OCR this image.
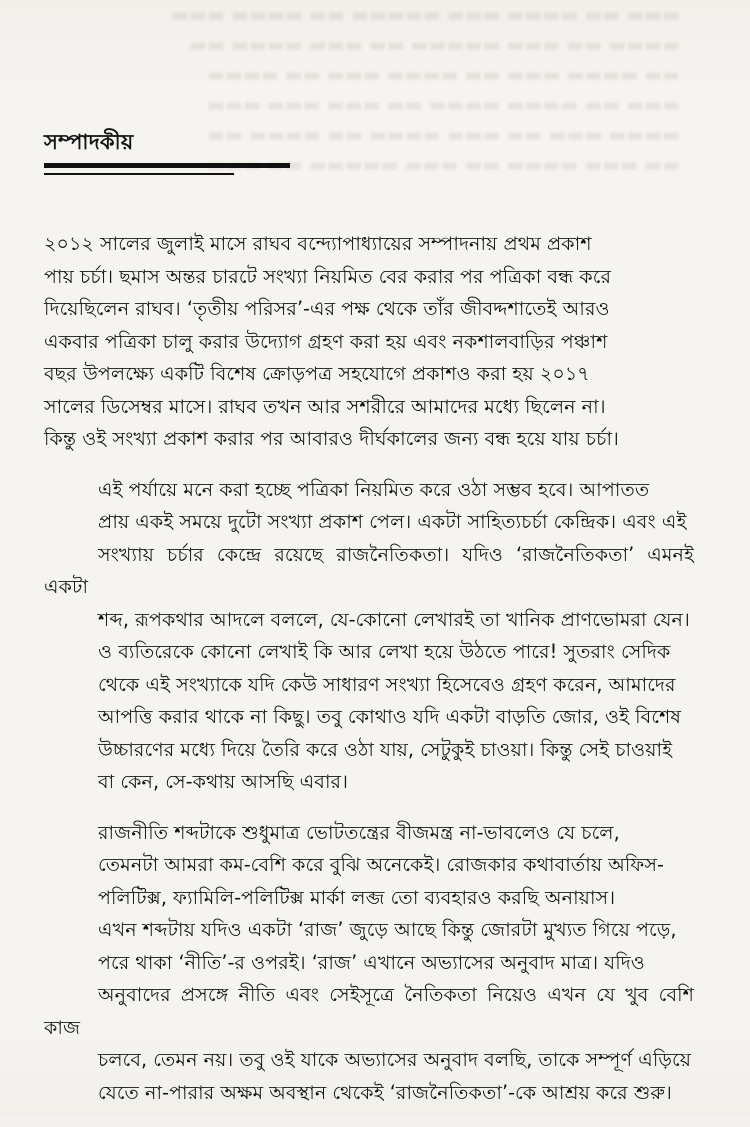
▬▬▬ ▬▬ ▬▬▬▬ ▬▬▬ ▬▬▬▬▬ ▬▬ ▬▬▬▬ ▬▬▬
▬▬▬▬ ▬▬ ▬▬▬ ▬▬▬▬▬ ▬▬ ▬▬▬ ▬▬▬▬ ▬▬
▬▬ ▬▬▬▬ ▬▬▬ ▬▬ ▬▬▬▬ ▬▬▬ ▬▬ ▬▬▬▬
▬▬▬ ▬▬ ▬▬▬▬ ▬▬▬▬ ▬▬ ▬▬▬ ▬▬▬ ▬▬▬
▬▬▬▬ ▬▬▬ ▬▬ ▬▬▬ ▬▬▬▬ ▬▬ ▬▬▬▬ ▬▬
▬▬ ▬▬▬ ▬▬▬▬ ▬▬ ▬▬▬ ▬▬▬▬▬ ▬▬ ▬▬▬
সম্পাদকীয়

২০১২ সালের জুলাই মাসে রাঘব বন্দ্যোপাধ্যায়ের সম্পাদনায় প্রথম প্রকাশ
পায় চর্চা। ছমাস অন্তর চারটে সংখ্যা নিয়মিত বের করার পর পত্রিকা বন্ধ করে
দিয়েছিলেন রাঘব। ‘তৃতীয় পরিসর’-এর পক্ষ থেকে তাঁর জীবদ্দশাতেই আরও
একবার পত্রিকা চালু করার উদ্যোগ গ্রহণ করা হয় এবং নকশালবাড়ির পঞ্চাশ
বছর উপলক্ষ্যে একটি বিশেষ ক্রোড়পত্র সহযোগে প্রকাশও করা হয় ২০১৭
সালের ডিসেম্বর মাসে। রাঘব তখন আর সশরীরে আমাদের মধ্যে ছিলেন না।
কিন্তু ওই সংখ্যা প্রকাশ করার পর আবারও দীর্ঘকালের জন্য বন্ধ হয়ে যায় চর্চা।

এই পর্যায়ে মনে করা হচ্ছে পত্রিকা নিয়মিত করে ওঠা সম্ভব হবে। আপাতত
প্রায় একই সময়ে দুটো সংখ্যা প্রকাশ পেল। একটা সাহিত্যচর্চা কেন্দ্রিক। এবং এই
সংখ্যায় চর্চার কেন্দ্রে রয়েছে রাজনৈতিকতা। যদিও ‘রাজনৈতিকতা’ এমনই একটা
শব্দ, রূপকথার আদলে বললে, যে-কোনো লেখারই তা খানিক প্রাণভোমরা যেন।
ও ব্যতিরেকে কোনো লেখাই কি আর লেখা হয়ে উঠতে পারে! সুতরাং সেদিক
থেকে এই সংখ্যাকে যদি কেউ সাধারণ সংখ্যা হিসেবেও গ্রহণ করেন, আমাদের
আপত্তি করার থাকে না কিছু। তবু কোথাও যদি একটা বাড়তি জোর, ওই বিশেষ
উচ্চারণের মধ্যে দিয়ে তৈরি করে ওঠা যায়, সেটুকুই চাওয়া। কিন্তু সেই চাওয়াই
বা কেন, সে-কথায় আসছি এবার।

রাজনীতি শব্দটাকে শুধুমাত্র ভোটতন্ত্রের বীজমন্ত্র না-ভাবলেও যে চলে,
তেমনটা আমরা কম-বেশি করে বুঝি অনেকেই। রোজকার কথাবার্তায় অফিস-
পলিটিক্স, ফ্যামিলি-পলিটিক্স মার্কা লব্জ তো ব্যবহারও করছি অনায়াস।
এখন শব্দটায় যদিও একটা ‘রাজ’ জুড়ে আছে কিন্তু জোরটা মুখ্যত গিয়ে পড়ে,
পরে থাকা ‘নীতি’-র ওপরই। ‘রাজ’ এখানে অভ্যাসের অনুবাদ মাত্র। যদিও
অনুবাদের প্রসঙ্গে নীতি এবং সেইসূত্রে নৈতিকতা নিয়েও এখন যে খুব বেশি কাজ
চলবে, তেমন নয়। তবু ওই যাকে অভ্যাসের অনুবাদ বলছি, তাকে সম্পূর্ণ এড়িয়ে
যেতে না-পারার অক্ষম অবস্থান থেকেই ‘রাজনৈতিকতা’-কে আশ্রয় করে শুরু।
